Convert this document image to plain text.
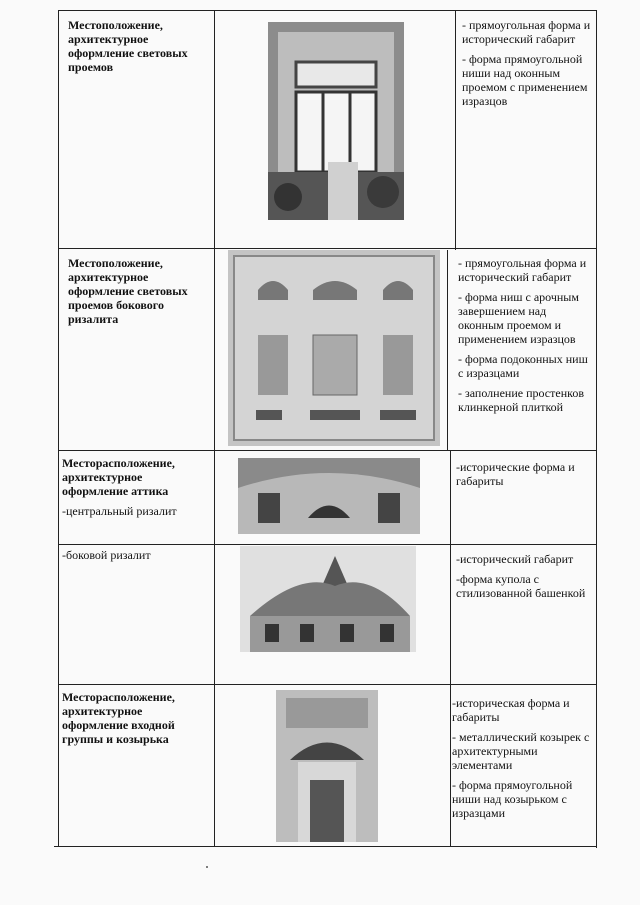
Местоположение, архитектурное оформление световых проемов
- прямоугольная форма и исторический габарит
- форма прямоугольной ниши над оконным проемом с применением изразцов
Местоположение, архитектурное оформление световых проемов бокового ризалита
- прямоугольная форма и исторический габарит
- форма ниш с арочным завершением над оконным проемом и применением изразцов
- форма подоконных ниш с изразцами
- заполнение простенков клинкерной плиткой
Месторасположение, архитектурное оформление аттика
-центральный ризалит
-исторические форма и габариты
-боковой ризалит	-исторический габарит
-форма купола с стилизованной башенкой
Месторасположение, архитектурное оформление входной группы и козырька
-историческая форма и габариты
- металлический козырек с архитектурными элементами
- форма прямоугольной ниши над козырьком с изразцами
